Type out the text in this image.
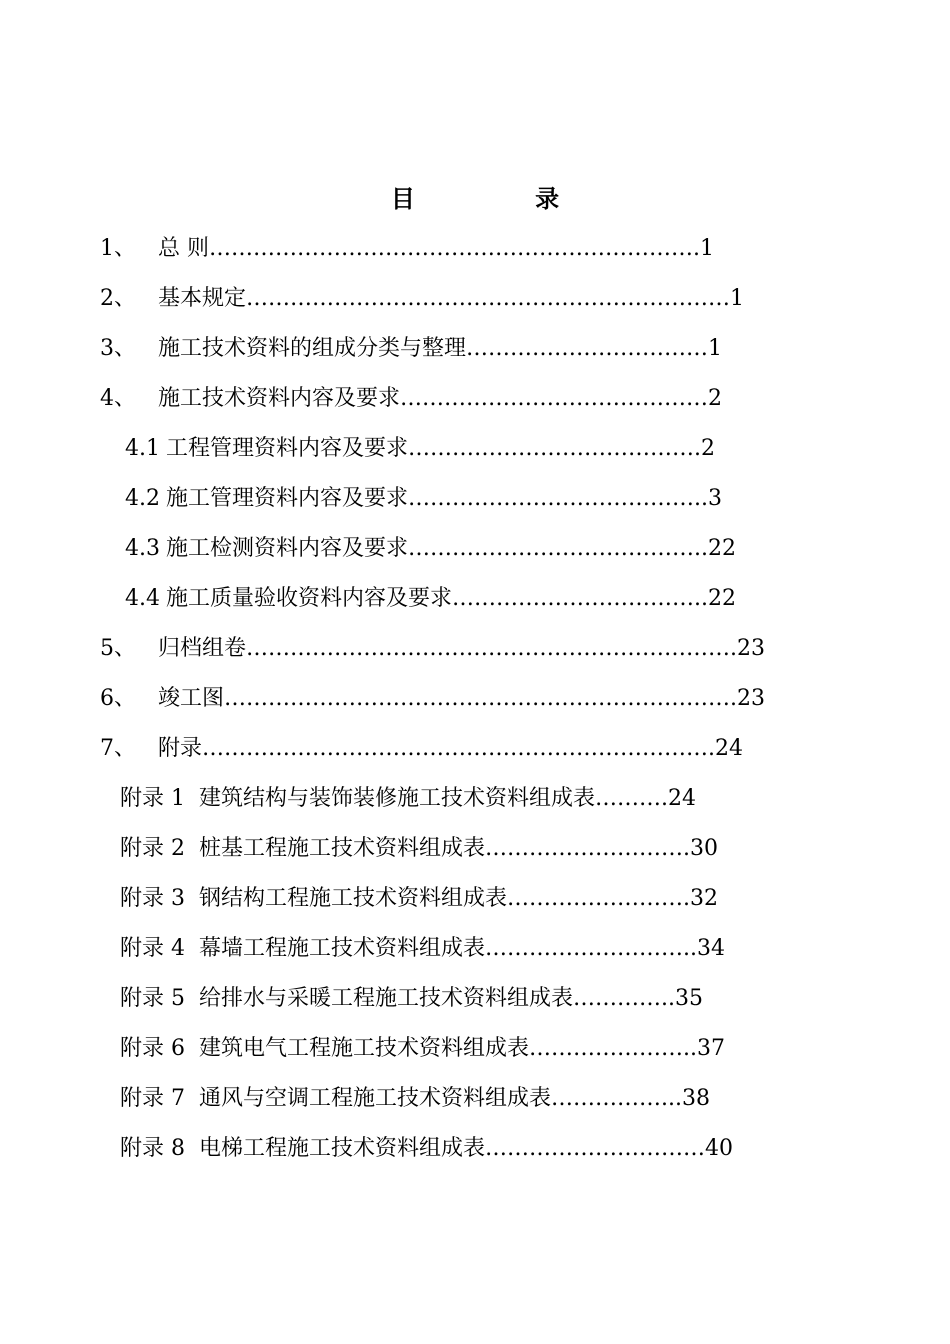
目 录
1、 总 则………………………………………………………….1
2、 基本规定…………………………………………………………1
3、 施工技术资料的组成分类与整理……………………………1
4、 施工技术资料内容及要求……………………………………2
4.1 工程管理资料内容及要求………………………………….2
4.2 施工管理资料内容及要求…………………………………..3
4.3 施工检测资料内容及要求…………………………………..22
4.4 施工质量验收资料内容及要求……………………………..22
5、 归档组卷………………………………………………………….23
6、 竣工图…………………………………………………………….23
7、 附录…………………………………………………………….24
附录 1 建筑结构与装饰装修施工技术资料组成表……….24
附录 2 桩基工程施工技术资料组成表……………………….30
附录 3 钢结构工程施工技术资料组成表…………………….32
附录 4 幕墙工程施工技术资料组成表………………………..34
附录 5 给排水与采暖工程施工技术资料组成表…………..35
附录 6 建筑电气工程施工技术资料组成表…………………..37
附录 7 通风与空调工程施工技术资料组成表……………...38
附录 8 电梯工程施工技术资料组成表…………………………40
